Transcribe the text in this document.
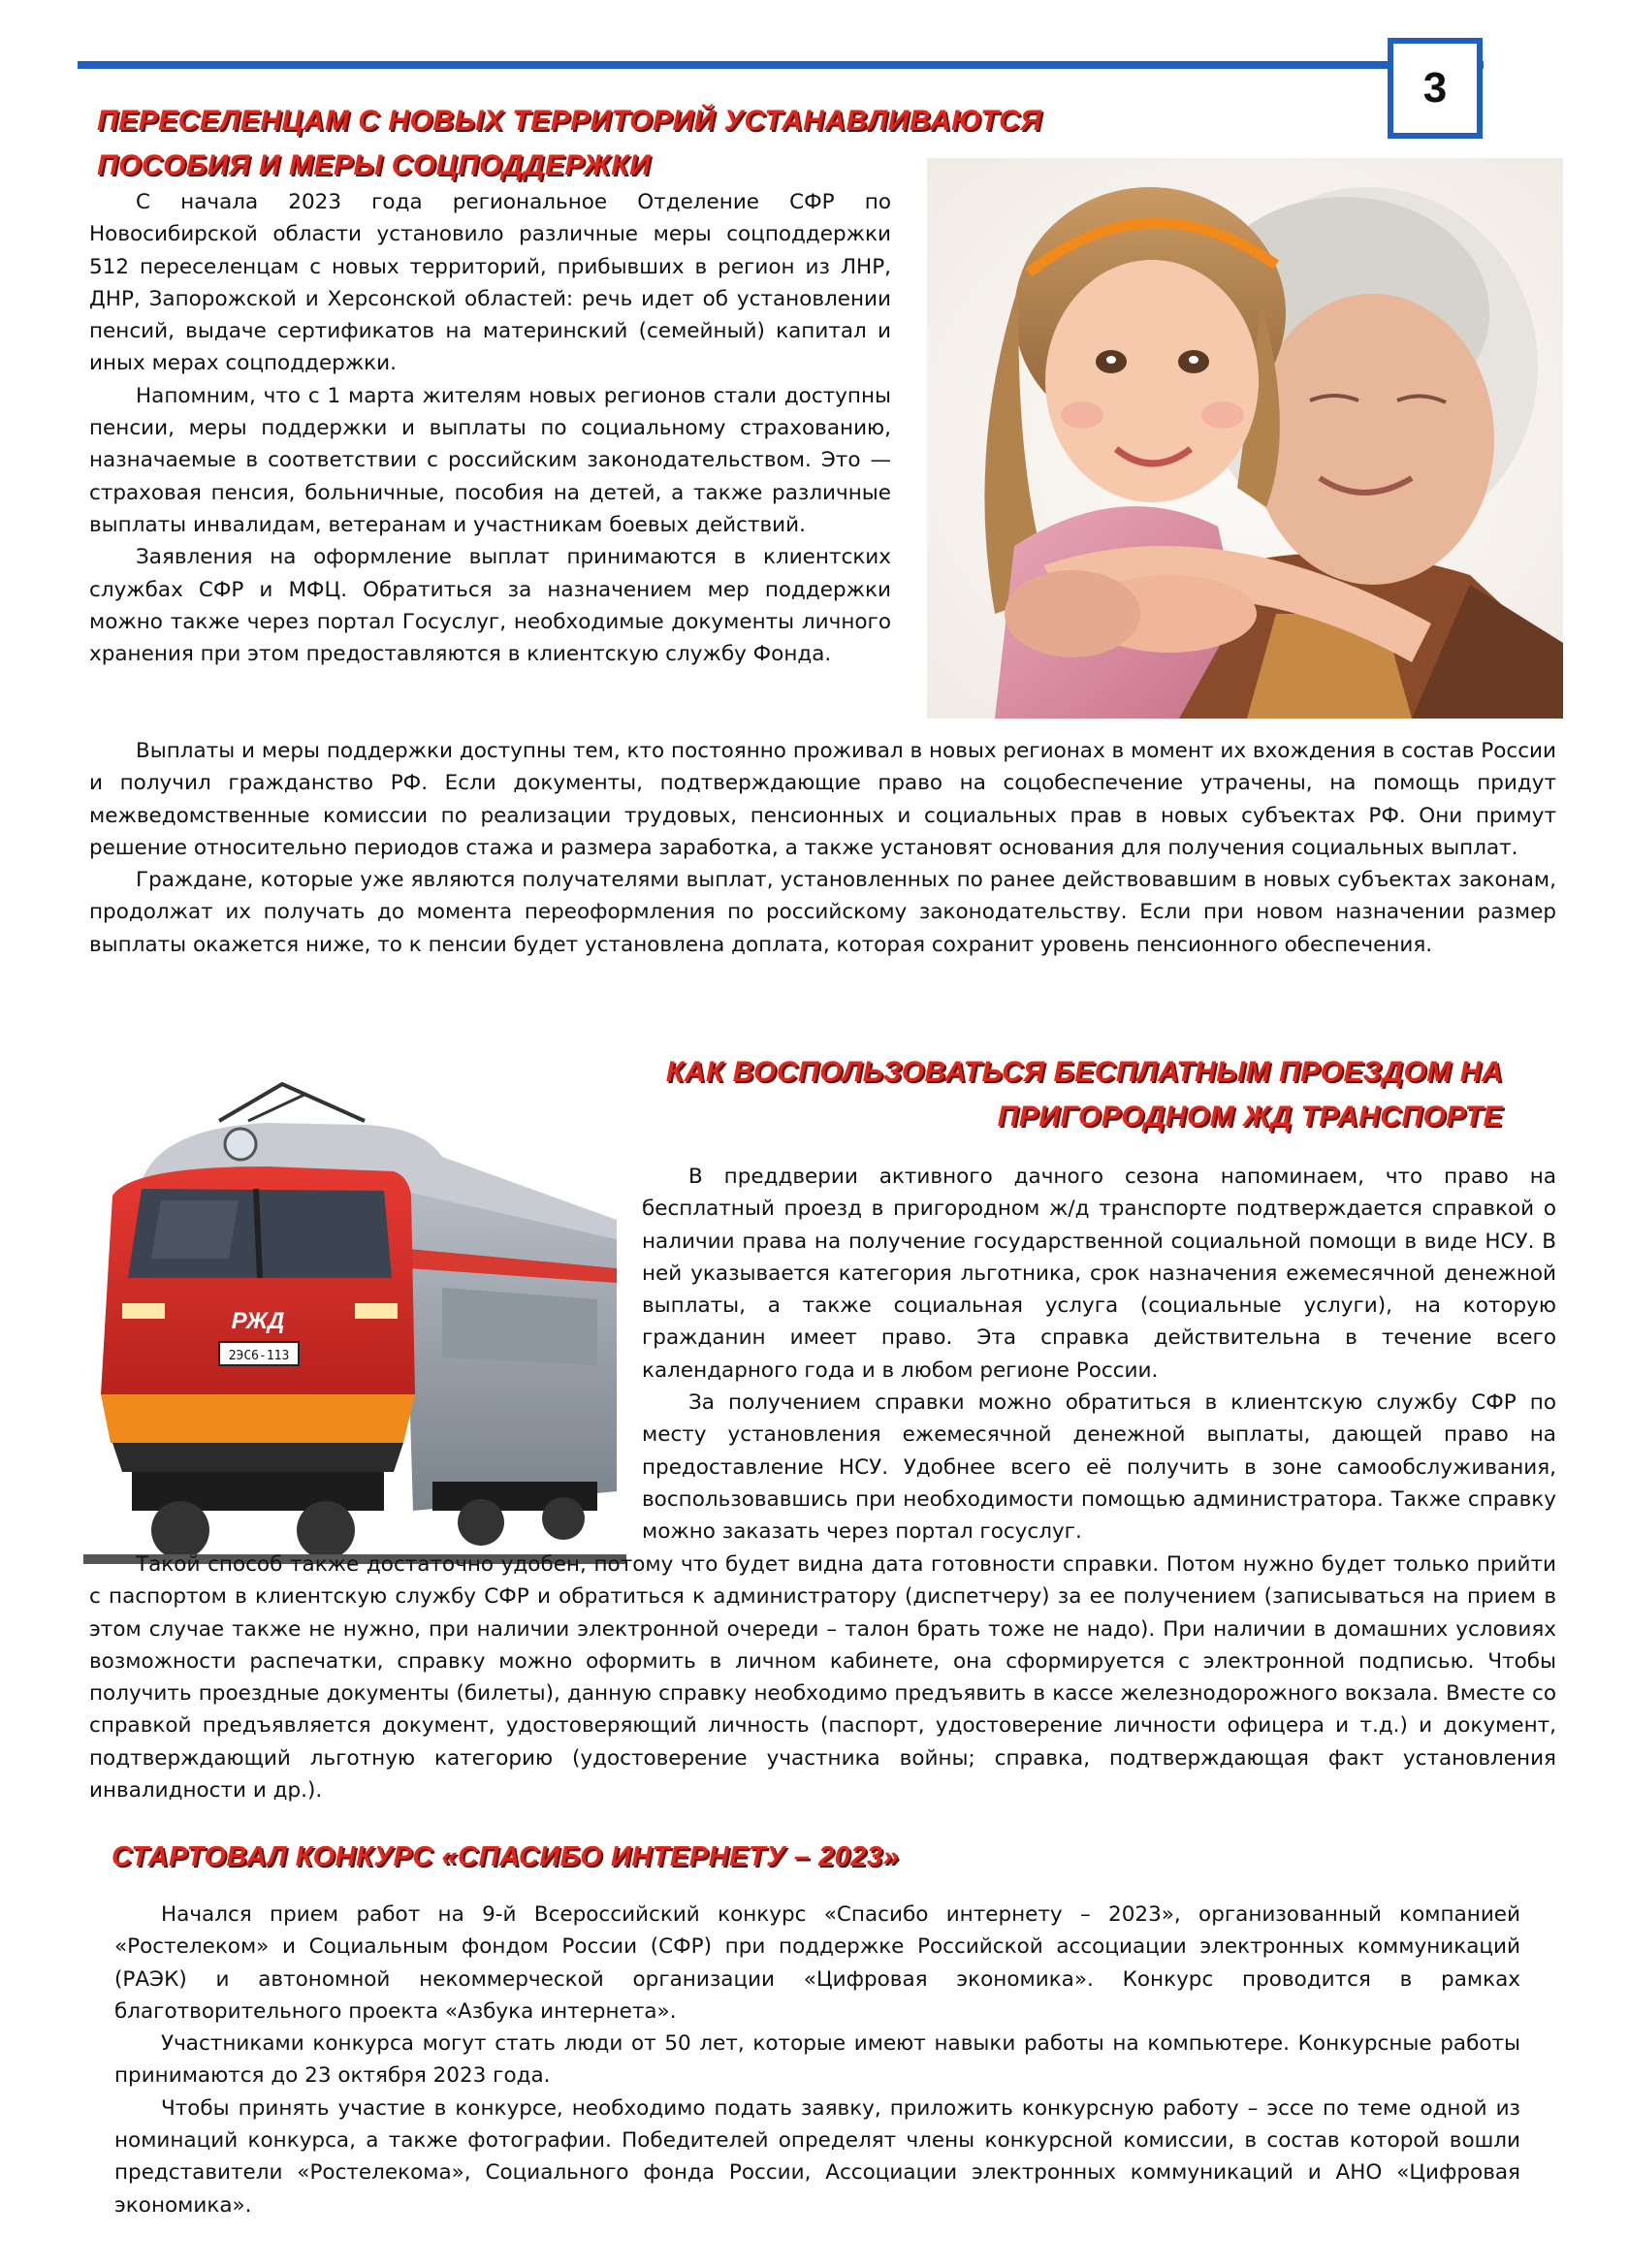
3
ПЕРЕСЕЛЕНЦАМ С НОВЫХ ТЕРРИТОРИЙ УСТАНАВЛИВАЮТСЯ
ПОСОБИЯ И МЕРЫ СОЦПОДДЕРЖКИ

С начала 2023 года региональное Отделение СФР по Новосибирской области установило различные меры соцподдержки 512 переселенцам с новых территорий, прибывших в регион из ЛНР, ДНР, Запорожской и Херсонской областей: речь идет об установлении пенсий, выдаче сертификатов на материнский (семейный) капитал и иных мерах соцподдержки.

Напомним, что с 1 марта жителям новых регионов стали доступны пенсии, меры поддержки и выплаты по социальному страхованию, назначаемые в соответствии с российским законодательством. Это — страховая пенсия, больничные, пособия на детей, а также различные выплаты инвалидам, ветеранам и участникам боевых действий.

Заявления на оформление выплат принимаются в клиентских службах СФР и МФЦ. Обратиться за назначением мер поддержки можно также через портал Госуслуг, необходимые документы личного хранения при этом предоставляются в клиентскую службу Фонда.

Выплаты и меры поддержки доступны тем, кто постоянно проживал в новых регионах в момент их вхождения в состав России и получил гражданство РФ. Если документы, подтверждающие право на соцобеспечение утрачены, на помощь придут межведомственные комиссии по реализации трудовых, пенсионных и социальных прав в новых субъектах РФ. Они примут решение относительно периодов стажа и размера заработка, а также установят основания для получения социальных выплат.

Граждане, которые уже являются получателями выплат, установленных по ранее действовавшим в новых субъектах законам, продолжат их получать до момента переоформления по российскому законодательству. Если при новом назначении размер выплаты окажется ниже, то к пенсии будет установлена доплата, которая сохранит уровень пенсионного обеспечения.

КАК ВОСПОЛЬЗОВАТЬСЯ БЕСПЛАТНЫМ ПРОЕЗДОМ НА
ПРИГОРОДНОМ ЖД ТРАНСПОРТЕ
РЖД
2ЭС6-113

В преддверии активного дачного сезона напоминаем, что право на бесплатный проезд в пригородном ж/д транспорте подтверждается справкой о наличии права на получение государственной социальной помощи в виде НСУ. В ней указывается категория льготника, срок назначения ежемесячной денежной выплаты, а также социальная услуга (социальные услуги), на которую гражданин имеет право. Эта справка действительна в течение всего календарного года и в любом регионе России.

За получением справки можно обратиться в клиентскую службу СФР по месту установления ежемесячной денежной выплаты, дающей право на предоставление НСУ. Удобнее всего её получить в зоне самообслуживания, воспользовавшись при необходимости помощью администратора. Также справку можно заказать через портал госуслуг.

Такой способ также достаточно удобен, потому что будет видна дата готовности справки. Потом нужно будет только прийти с паспортом в клиентскую службу СФР и обратиться к администратору (диспетчеру) за ее получением (записываться на прием в этом случае также не нужно, при наличии электронной очереди – талон брать тоже не надо). При наличии в домашних условиях возможности распечатки, справку можно оформить в личном кабинете, она сформируется с электронной подписью. Чтобы получить проездные документы (билеты), данную справку необходимо предъявить в кассе железнодорожного вокзала. Вместе со справкой предъявляется документ, удостоверяющий личность (паспорт, удостоверение личности офицера и т.д.) и документ, подтверждающий льготную категорию (удостоверение участника войны; справка, подтверждающая факт установления инвалидности и др.).

СТАРТОВАЛ КОНКУРС «СПАСИБО ИНТЕРНЕТУ – 2023»

Начался прием работ на 9-й Всероссийский конкурс «Спасибо интернету – 2023», организованный компанией «Ростелеком» и Социальным фондом России (СФР) при поддержке Российской ассоциации электронных коммуникаций (РАЭК) и автономной некоммерческой организации «Цифровая экономика». Конкурс проводится в рамках благотворительного проекта «Азбука интернета».

Участниками конкурса могут стать люди от 50 лет, которые имеют навыки работы на компьютере. Конкурсные работы принимаются до 23 октября 2023 года.

Чтобы принять участие в конкурсе, необходимо подать заявку, приложить конкурсную работу – эссе по теме одной из номинаций конкурса, а также фотографии. Победителей определят члены конкурсной комиссии, в состав которой вошли представители «Ростелекома», Социального фонда России, Ассоциации электронных коммуникаций и АНО «Цифровая экономика».
